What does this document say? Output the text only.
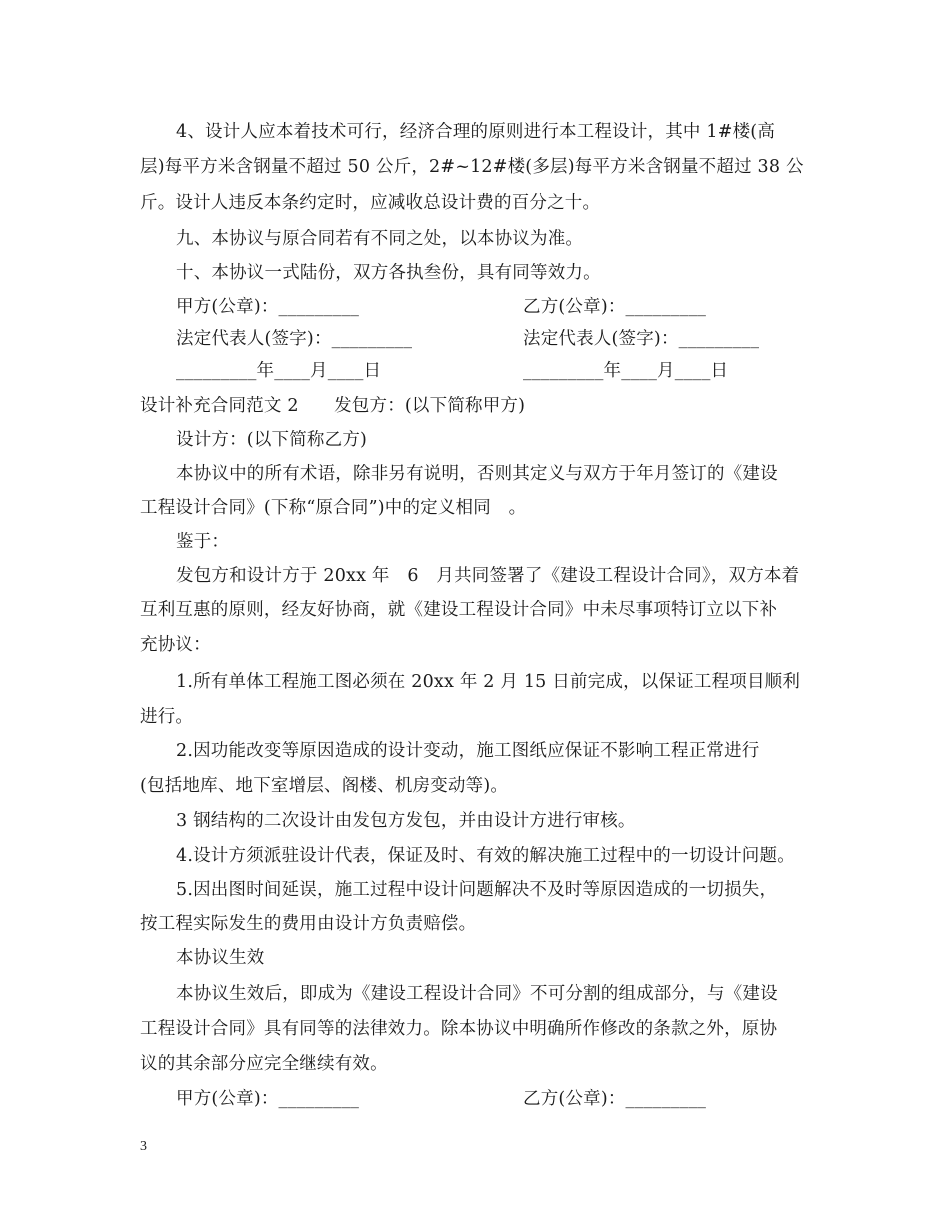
4、设计人应本着技术可行，经济合理的原则进行本工程设计，其中 1#楼(高
层)每平方米含钢量不超过 50 公斤，2#~12#楼(多层)每平方米含钢量不超过 38 公
斤。设计人违反本条约定时，应减收总设计费的百分之十。
九、本协议与原合同若有不同之处，以本协议为准。
十、本协议一式陆份，双方各执叁份，具有同等效力。
甲方(公章)：_________	乙方(公章)：_________
法定代表人(签字)：_________	法定代表人(签字)：_________
_________年____月____日	_________年____月____日
设计补充合同范文 2　　发包方：(以下简称甲方)
设计方：(以下简称乙方)
本协议中的所有术语，除非另有说明，否则其定义与双方于年月签订的《建设
工程设计合同》(下称“原合同”)中的定义相同　。
鉴于：
发包方和设计方于 20xx 年　6　月共同签署了《建设工程设计合同》，双方本着
互利互惠的原则，经友好协商，就《建设工程设计合同》中未尽事项特订立以下补
充协议：
1.所有单体工程施工图必须在 20xx 年 2 月 15 日前完成，以保证工程项目顺利
进行。
2.因功能改变等原因造成的设计变动，施工图纸应保证不影响工程正常进行
(包括地库、地下室增层、阁楼、机房变动等)。
3 钢结构的二次设计由发包方发包，并由设计方进行审核。
4.设计方须派驻设计代表，保证及时、有效的解决施工过程中的一切设计问题。
5.因出图时间延误，施工过程中设计问题解决不及时等原因造成的一切损失，
按工程实际发生的费用由设计方负责赔偿。
本协议生效
本协议生效后，即成为《建设工程设计合同》不可分割的组成部分，与《建设
工程设计合同》具有同等的法律效力。除本协议中明确所作修改的条款之外，原协
议的其余部分应完全继续有效。
甲方(公章)：_________	乙方(公章)：_________
3
